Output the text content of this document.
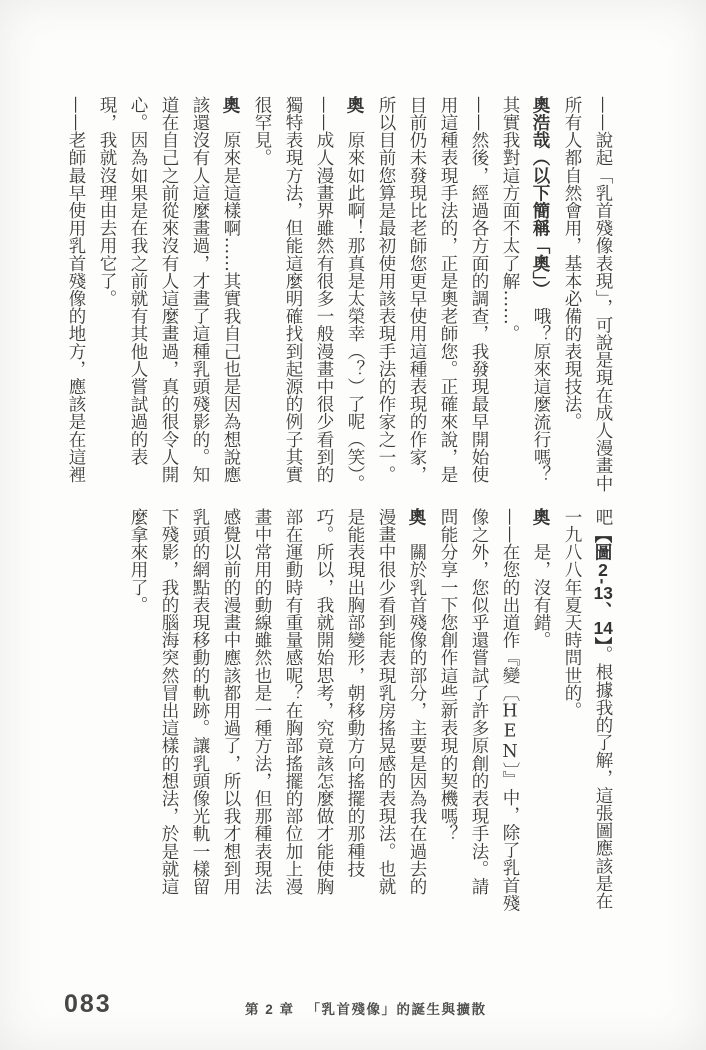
——說起「乳首殘像表現」，可說是現在成人漫畫中所有人都自然會用，基本必備的表現技法。

奧浩哉（以下簡稱「奧」）　哦？原來這麼流行嗎？其實我對這方面不太了解……。

——然後，經過各方面的調查，我發現最早開始使用這種表現手法的，正是奧老師您。正確來說，是目前仍未發現比老師您更早使用這種表現的作家，所以目前您算是最初使用該表現手法的作家之一。

奧　原來如此啊！那真是太榮幸（？）了呢（笑）。

——成人漫畫界雖然有很多一般漫畫中很少看到的獨特表現方法，但能這麼明確找到起源的例子其實很罕見。

奧　原來是這樣啊……其實我自己也是因為想說應該還沒有人這麼畫過，才畫了這種乳頭殘影的。知道在自己之前從來沒有人這麼畫過，真的很令人開心。因為如果是在我之前就有其他人嘗試過的表現，我就沒理由去用它了。

——老師最早使用乳首殘像的地方，應該是在這裡

吧【圖2-13、14】。根據我的了解，這張圖應該是在一九八八年夏天時問世的。

奧　是，沒有錯。

——在您的出道作『變〔HEN〕』中，除了乳首殘像之外，您似乎還嘗試了許多原創的表現手法。請問能分享一下您創作這些新表現的契機嗎？

奧　關於乳首殘像的部分，主要是因為我在過去的漫畫中很少看到能表現乳房搖晃感的表現法。也就是能表現出胸部變形，朝移動方向搖擺的那種技巧。所以，我就開始思考，究竟該怎麼做才能使胸部在運動時有重量感呢？在胸部搖擺的部位加上漫畫中常用的動線雖然也是一種方法，但那種表現法感覺以前的漫畫中應該都用過了，所以我才想到用乳頭的網點表現移動的軌跡。讓乳頭像光軌一樣留下殘影，我的腦海突然冒出這樣的想法，於是就這麼拿來用了。

083	第 2 章 「乳首殘像」的誕生與擴散
